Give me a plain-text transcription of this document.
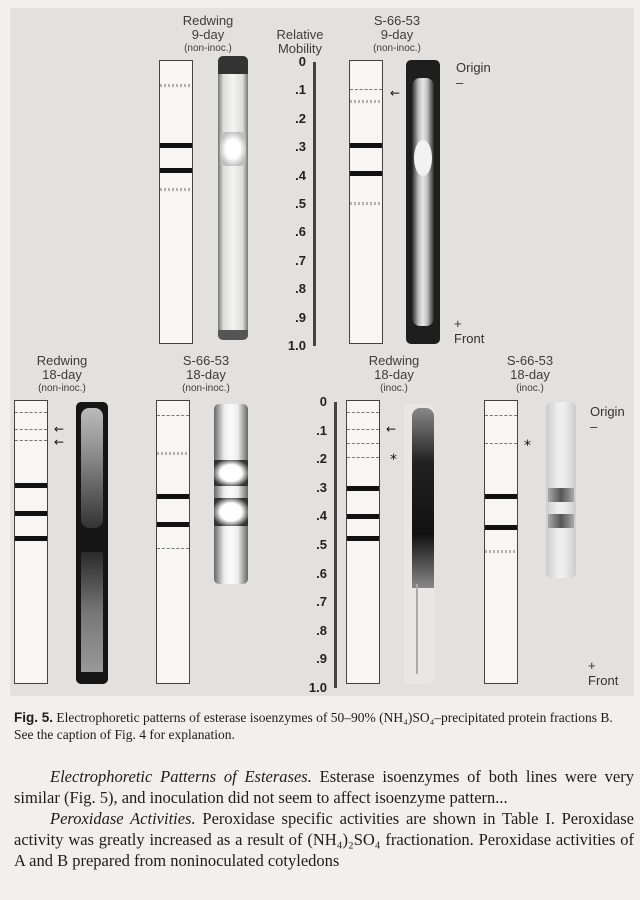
Redwing
9-day
(non-inoc.)
Relative
Mobility
S-66-53
9-day
(non-inoc.)
Origin
–
+
Front
←
Redwing
18-day
(non-inoc.)
S-66-53
18-day
(non-inoc.)
Redwing
18-day
(inoc.)
S-66-53
18-day
(inoc.)
Origin
–
+
Front
←
←
←
*
*
0
.1
.2
.3
.4
.5
.6
.7
.8
.9
1.0
0
.1
.2
.3
.4
.5
.6
.7
.8
.9
1.0
Fig. 5. Electrophoretic patterns of esterase isoenzymes of 50–90% (NH₄)SO₄–precipitated protein fractions B. See the caption of Fig. 4 for explanation.

Electrophoretic Patterns of Esterases. Esterase isoenzymes of both lines were very similar (Fig. 5), and inoculation did not seem to affect isoenzyme pattern...

Peroxidase Activities. Peroxidase specific activities are shown in Table I. Peroxidase activity was greatly increased as a result of (NH₄)₂SO₄ fractionation. Peroxidase activities of A and B prepared from noninoculated cotyledons
